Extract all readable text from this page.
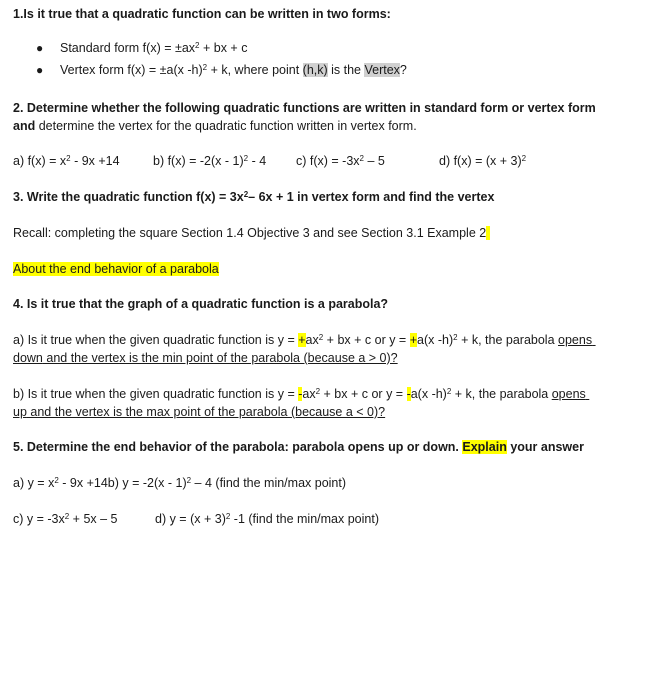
1.Is it true that a quadratic function can be written in two forms:
● Standard form $f(x) = \pm ax^2$ + bx + c
● Vertex form f(x) = ±a(x -h)$^2$ + k, where point (h,k) is the Vertex?
2. Determine whether the following quadratic functions are written in standard form or vertex form
and determine the vertex for the quadratic function written in vertex form.
a) $f(x) = x^2 - 9x +14$	b) f(x) = -2(x - 1)$^2$ - 4 c) $f(x) = -3x^2 - 5$	d) $f(x) = (x + 3)^2$
3. Write the quadratic function $f(x) = 3x^2-$ 6x + 1 in vertex form and find the vertex
Recall: completing the square Section 1.4 Objective 3 and see Section 3.1 Example 2
About the end behavior of a parabola
4. Is it true that the graph of a quadratic function is a parabola?
a) Is it true when the given quadratic function is $y = +ax^2$ + bx + c or y = +a(x -h)$^2$ + k, the parabola opens
down and the vertex is the min point of the parabola (because a > 0)?
b) Is it true when the given quadratic function is $y = -ax^2$ + bx + c or y = -a(x -h)$^2$ + k, the parabola opens
up and the vertex is the max point of the parabola (because a < 0)?
5. Determine the end behavior of the parabola: parabola opens up or down. Explain your answer
a) $y = x^2 - 9x +14b$) y = -2(x - 1)$^2$ – 4 (find the min/max point)
c) $y = -3x^2 + 5x - 5$	d) $y = (x + 3)^2$ -1 (find the min/max point)
